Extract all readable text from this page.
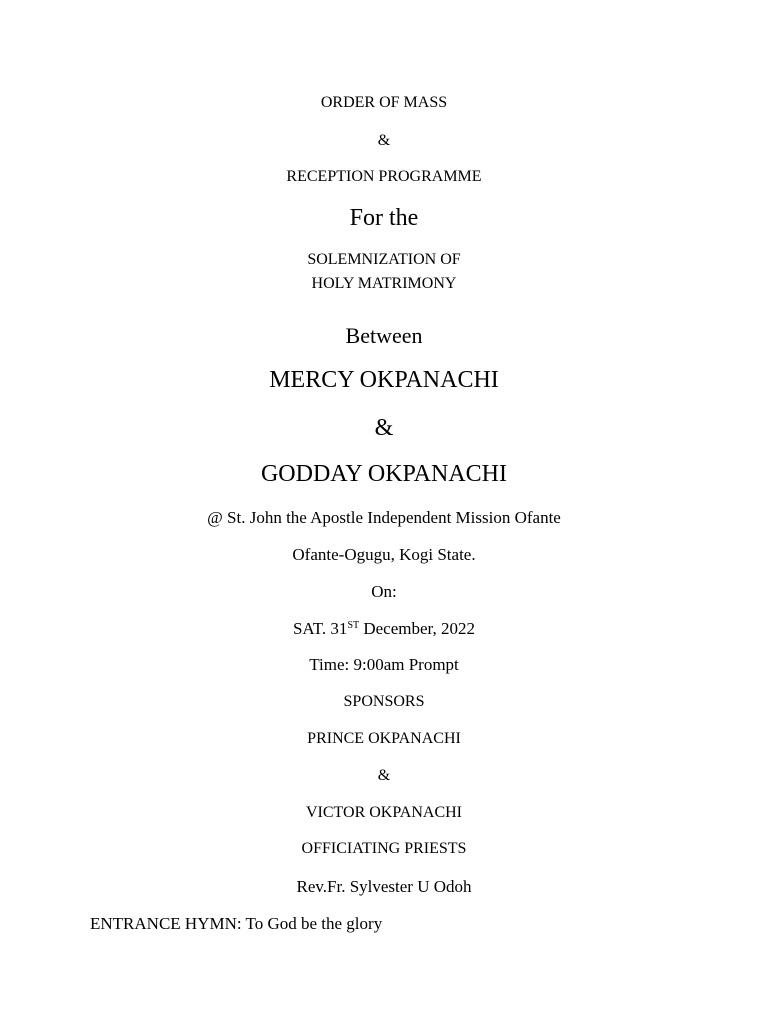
ORDER OF MASS
&
RECEPTION PROGRAMME
For the
SOLEMNIZATION OF
HOLY MATRIMONY
Between
MERCY OKPANACHI
&
GODDAY OKPANACHI
@ St. John the Apostle Independent Mission Ofante
Ofante-Ogugu, Kogi State.
On:
SAT. 31ST December, 2022
Time: 9:00am Prompt
SPONSORS
PRINCE OKPANACHI
&
VICTOR OKPANACHI
OFFICIATING PRIESTS
Rev.Fr. Sylvester U Odoh
ENTRANCE HYMN: To God be the glory
